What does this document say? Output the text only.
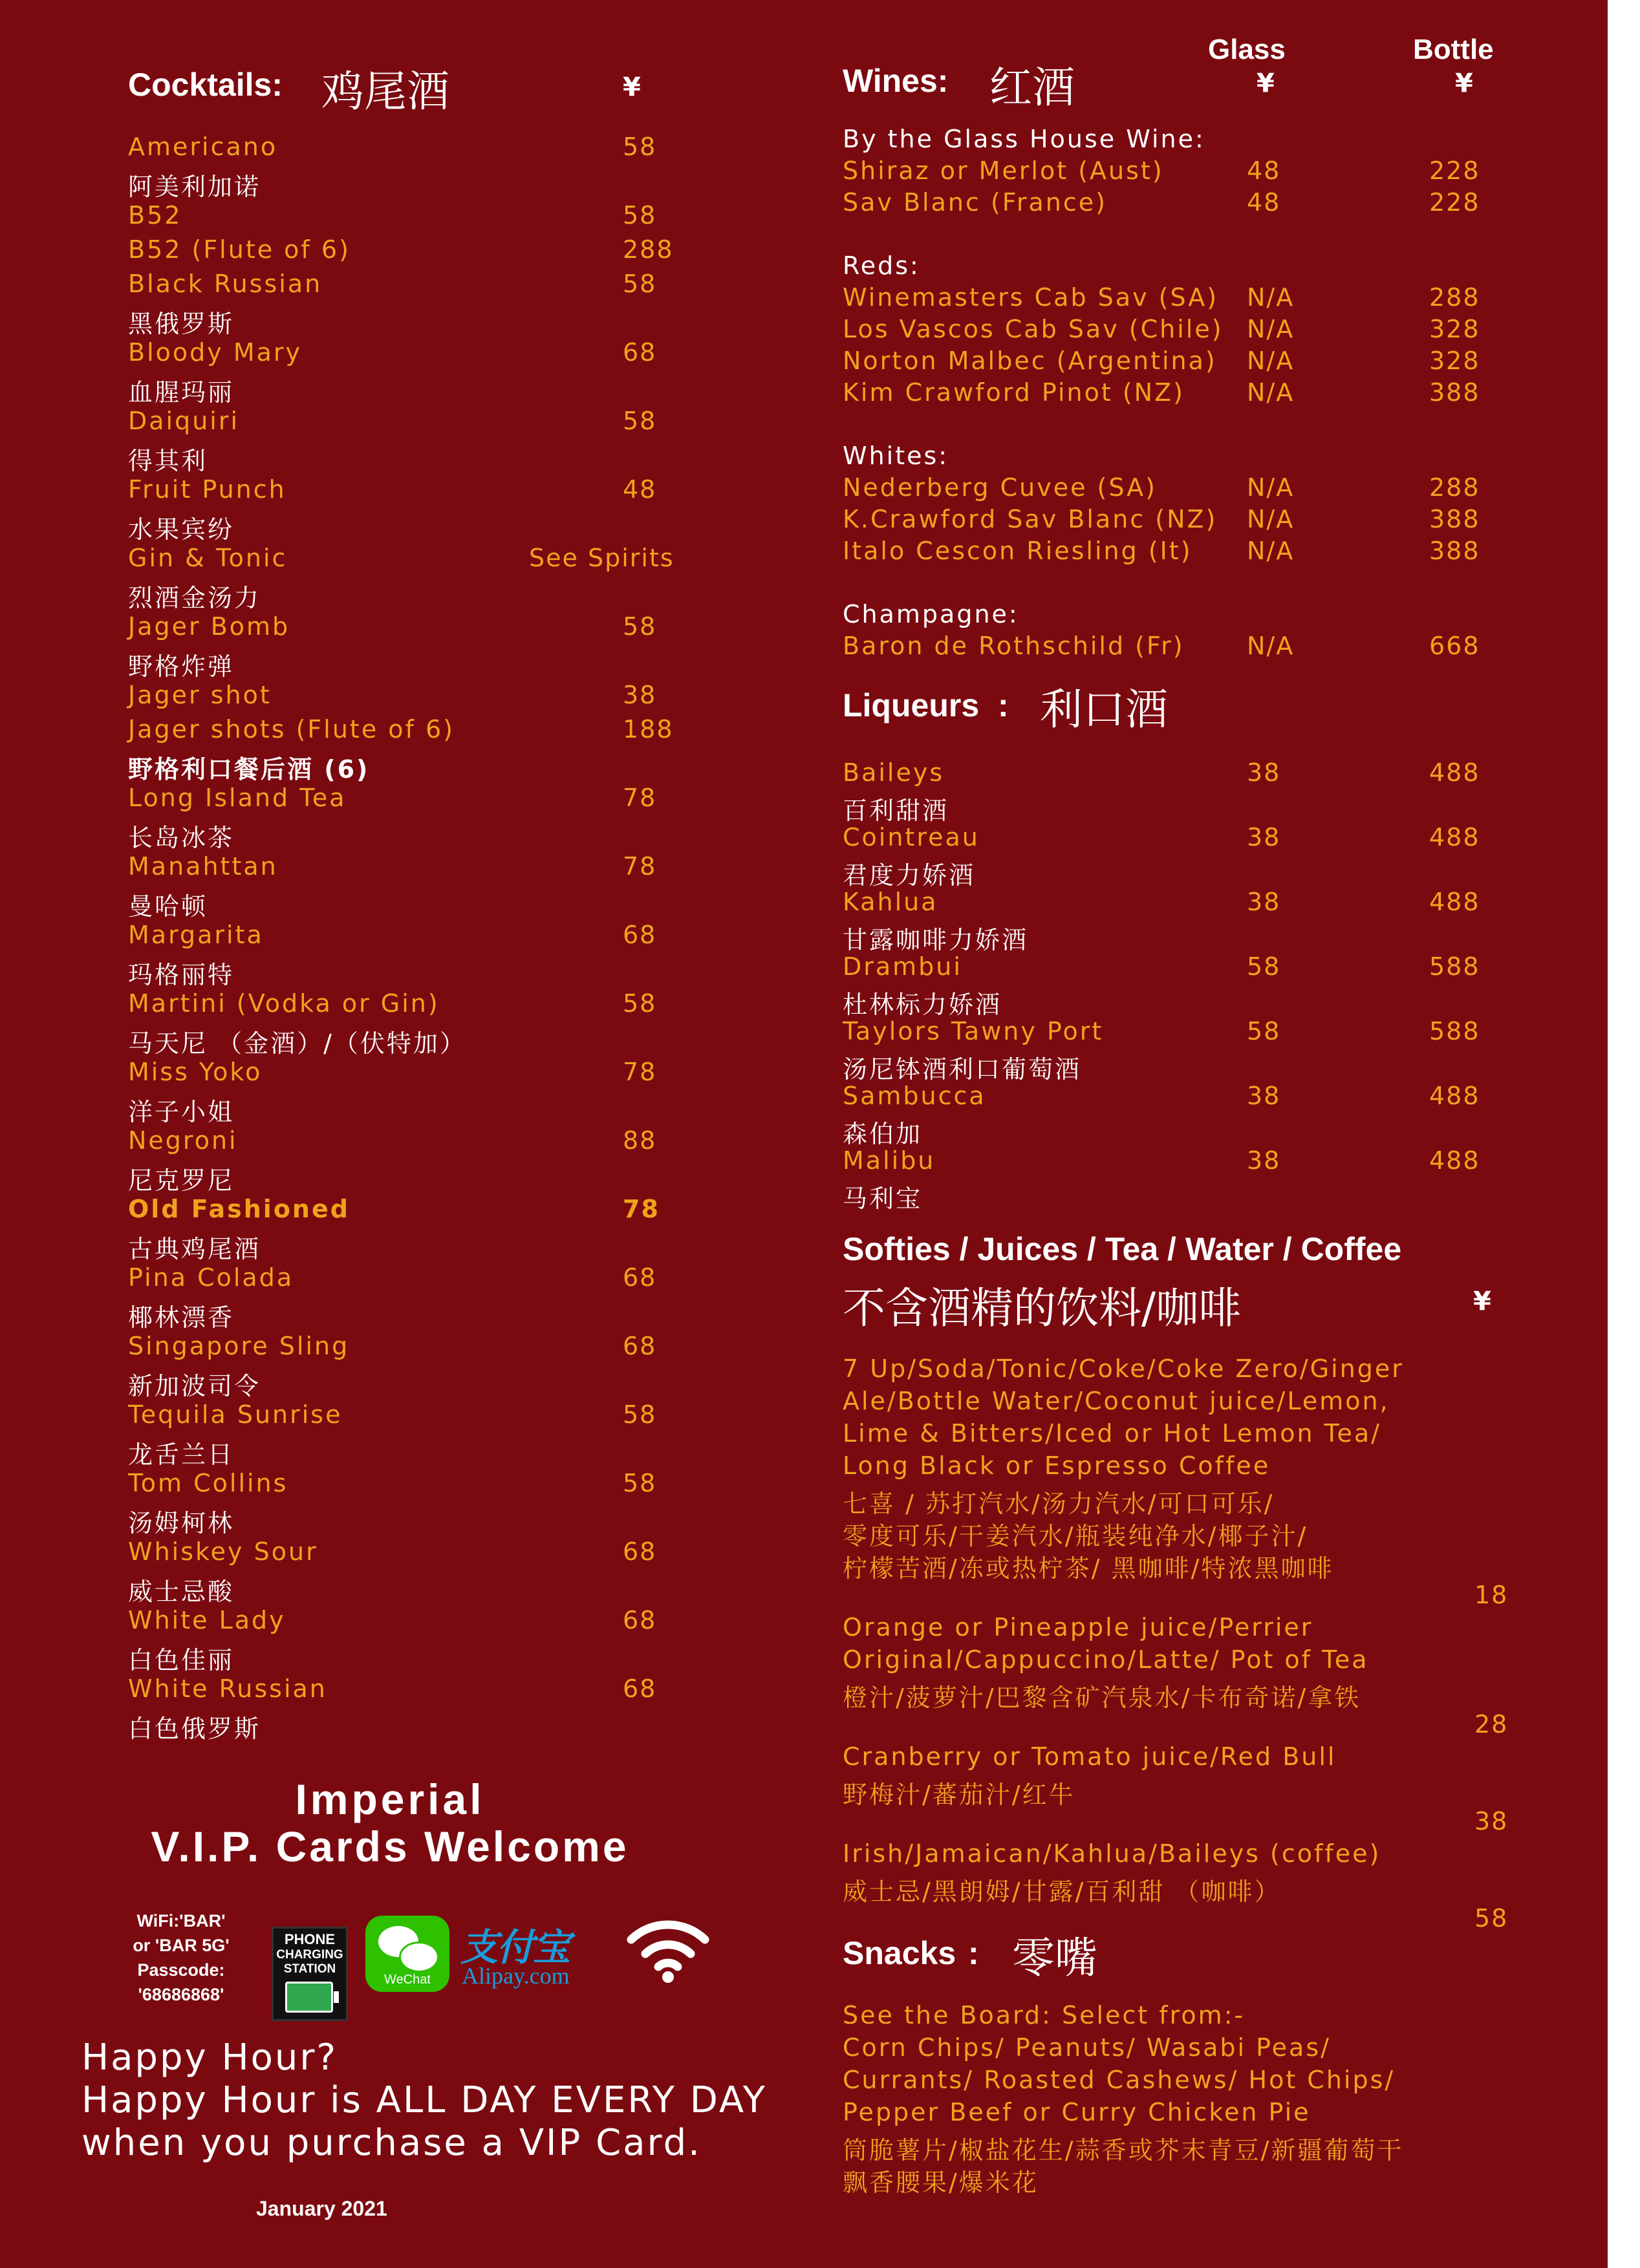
Cocktails: 鸡尾酒	¥
Americano	58
阿美利加诺
B52	58
B52 (Flute of 6)	288
Black Russian	58
黑俄罗斯
Bloody Mary	68
血腥玛丽
Daiquiri	58
得其利
Fruit Punch	48
水果宾纷
Gin & Tonic	See Spirits
烈酒金汤力
Jager Bomb	58
野格炸弹
Jager shot	38
Jager shots (Flute of 6)	188
野格利口餐后酒 (6)
Long Island Tea	78
长岛冰茶
Manahttan	78
曼哈顿
Margarita	68
玛格丽特
Martini (Vodka or Gin)	58
马天尼 （金酒）/（伏特加）
Miss Yoko	78
洋子小姐
Negroni	88
尼克罗尼
Old Fashioned	78
古典鸡尾酒
Pina Colada	68
椰林漂香
Singapore Sling	68
新加波司令
Tequila Sunrise	58
龙舌兰日
Tom Collins	58
汤姆柯林
Whiskey Sour	68
威士忌酸
White Lady	68
白色佳丽
White Russian	68
白色俄罗斯
Imperial
V.I.P. Cards Welcome
WiFi:'BAR'
or 'BAR 5G'
Passcode:
'68686868'
PHONE
CHARGING
STATION
WeChat
支付宝
Alipay.com
Happy Hour?
Happy Hour is ALL DAY EVERY DAY
when you purchase a VIP Card.
January 2021
Glass	Bottle
¥	¥
Wines: 红酒
By the Glass House Wine:
Shiraz or Merlot (Aust)	48	228
Sav Blanc (France)	48	228
Reds:
Winemasters Cab Sav (SA) N/A	288
Los Vascos Cab Sav (Chile) N/A	328
Norton Malbec (Argentina) N/A	328
Kim Crawford Pinot (NZ)	N/A	388
Whites:
Nederberg Cuvee (SA)	N/A	288
K.Crawford Sav Blanc (NZ) N/A	388
Italo Cescon Riesling (It) N/A	388
Champagne:
Baron de Rothschild (Fr)	N/A	668
Liqueurs : 利口酒
Baileys	38	488
百利甜酒
Cointreau	38	488
君度力娇酒
Kahlua	38	488
甘露咖啡力娇酒
Drambui	58	588
杜林标力娇酒
Taylors Tawny Port	58	588
汤尼钵酒利口葡萄酒
Sambucca	38	488
森伯加
Malibu	38	488
马利宝
Softies / Juices / Tea / Water / Coffee
不含酒精的饮料/咖啡	¥
7 Up/Soda/Tonic/Coke/Coke Zero/Ginger
Ale/Bottle Water/Coconut juice/Lemon,
Lime & Bitters/Iced or Hot Lemon Tea/
Long Black or Espresso Coffee
七喜 / 苏打汽水/汤力汽水/可口可乐/
零度可乐/干姜汽水/瓶装纯净水/椰子汁/
柠檬苦酒/冻或热柠茶/ 黑咖啡/特浓黑咖啡
18
Orange or Pineapple juice/Perrier
Original/Cappuccino/Latte/ Pot of Tea
橙汁/菠萝汁/巴黎含矿汽泉水/卡布奇诺/拿铁
28
Cranberry or Tomato juice/Red Bull
野梅汁/蕃茄汁/红牛
38
Irish/Jamaican/Kahlua/Baileys (coffee)
威士忌/黑朗姆/甘露/百利甜 （咖啡）
58
Snacks : 零嘴
See the Board: Select from:-
Corn Chips/ Peanuts/ Wasabi Peas/
Currants/ Roasted Cashews/ Hot Chips/
Pepper Beef or Curry Chicken Pie
筒脆薯片/椒盐花生/蒜香或芥末青豆/新疆葡萄干
飘香腰果/爆米花
